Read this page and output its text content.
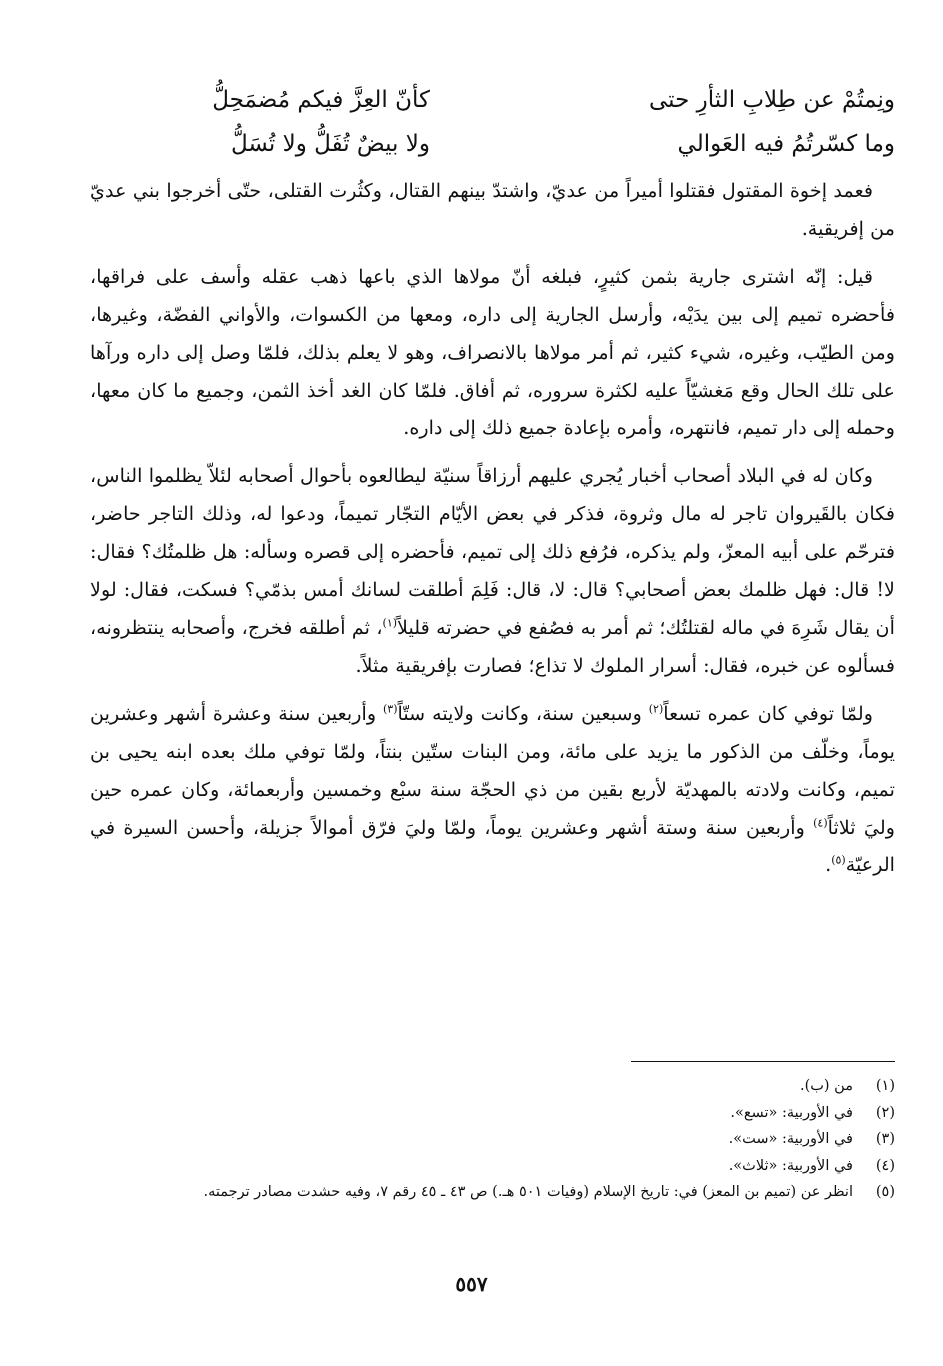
ونِمتُمْ عن طِلابِ الثأرِ حتى
كأنّ العِزَّ فيكم مُضمَحِلُّ
وما كسّرتُمُ فيه العَوالي
ولا بيضٌ تُفَلُّ ولا تُسَلُّ

فعمد إخوة المقتول فقتلوا أميراً من عديّ، واشتدّ بينهم القتال، وكثُرت القتلى، حتّى أخرجوا بني عديّ من إفريقية.

قيل: إنّه اشترى جارية بثمن كثيرٍ، فبلغه أنّ مولاها الذي باعها ذهب عقله وأسف على فراقها، فأحضره تميم إلى بين يدَيْه، وأرسل الجارية إلى داره، ومعها من الكسوات، والأواني الفضّة، وغيرها، ومن الطيّب، وغيره، شيء كثير، ثم أمر مولاها بالانصراف، وهو لا يعلم بذلك، فلمّا وصل إلى داره ورآها على تلك الحال وقع مَغشيّاً عليه لكثرة سروره، ثم أفاق. فلمّا كان الغد أخذ الثمن، وجميع ما كان معها، وحمله إلى دار تميم، فانتهره، وأمره بإعادة جميع ذلك إلى داره.

وكان له في البلاد أصحاب أخبار يُجري عليهم أرزاقاً سنيّة ليطالعوه بأحوال أصحابه لئلاّ يظلموا الناس، فكان بالقَيروان تاجر له مال وثروة، فذكر في بعض الأيّام التجّار تميماً، ودعوا له، وذلك التاجر حاضر، فترحّم على أبيه المعزّ، ولم يذكره، فرُفع ذلك إلى تميم، فأحضره إلى قصره وسأله: هل ظلمتُك؟ فقال: لا! قال: فهل ظلمك بعض أصحابي؟ قال: لا، قال: فَلِمَ أطلقت لسانك أمس بذمّي؟ فسكت، فقال: لولا أن يقال شَرِهَ في ماله لقتلتُك؛ ثم أمر به فصُفع في حضرته قليلاً$^{(١)}$، ثم أطلقه فخرج، وأصحابه ينتظرونه، فسألوه عن خبره، فقال: أسرار الملوك لا تذاع؛ فصارت بإفريقية مثلاً.

ولمّا توفي كان عمره تسعاً$^{(٢)}$ وسبعين سنة، وكانت ولايته ستّاً$^{(٣)}$ وأربعين سنة وعشرة أشهر وعشرين يوماً، وخلّف من الذكور ما يزيد على مائة، ومن البنات ستّين بنتاً، ولمّا توفي ملك بعده ابنه يحيى بن تميم، وكانت ولادته بالمهديّة لأربع بقين من ذي الحجّة سنة سبْع وخمسين وأربعمائة، وكان عمره حين وليَ ثلاثاً$^{(٤)}$ وأربعين سنة وستة أشهر وعشرين يوماً، ولمّا وليَ فرّق أموالاً جزيلة، وأحسن السيرة في الرعيّة$^{(٥)}$.

(١)
من (ب).
(٢)
في الأوربية: «تسع».
(٣)
في الأوربية: «ست».
(٤)
في الأوربية: «ثلاث».
(٥)
انظر عن (تميم بن المعز) في: تاريخ الإسلام (وفيات ٥٠١ هـ.) ص ٤٣ ـ ٤٥ رقم ٧، وفيه حشدت مصادر ترجمته.
٥٥٧
